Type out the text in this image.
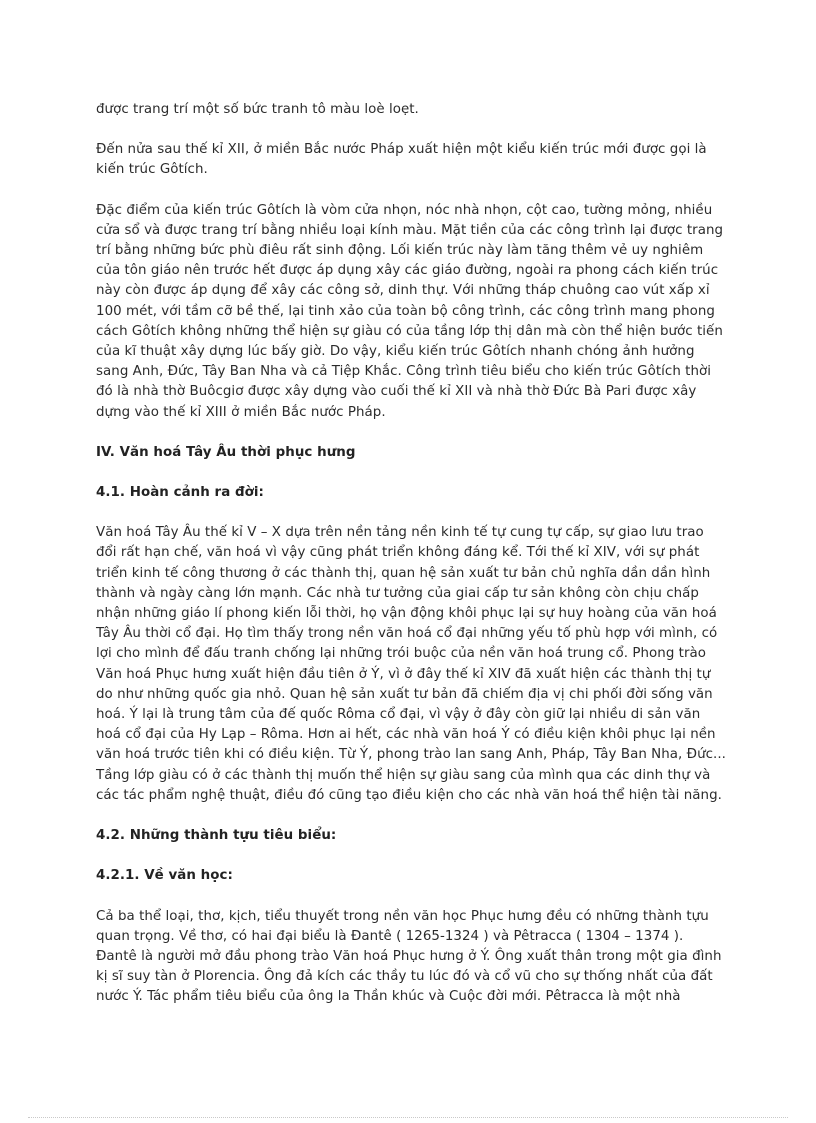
được trang trí một số bức tranh tô màu loè loẹt.

Đến nửa sau thế kỉ XII, ở miền Bắc nước Pháp xuất hiện một kiểu kiến trúc mới được gọi là kiến trúc Gôtích.

Đặc điểm của kiến trúc Gôtích là vòm cửa nhọn, nóc nhà nhọn, cột cao, tường mỏng, nhiều cửa sổ và được trang trí bằng nhiều loại kính màu. Mặt tiền của các công trình lại được trang trí bằng những bức phù điêu rất sinh động. Lối kiến trúc này làm tăng thêm vẻ uy nghiêm của tôn giáo nên trước hết được áp dụng xây các giáo đường, ngoài ra phong cách kiến trúc này còn được áp dụng để xây các công sở, dinh thự. Với những tháp chuông cao vút xấp xỉ 100 mét, với tầm cỡ bề thế, lại tinh xảo của toàn bộ công trình, các công trình mang phong cách Gôtích không những thể hiện sự giàu có của tầng lớp thị dân mà còn thể hiện bước tiến của kĩ thuật xây dựng lúc bấy giờ. Do vậy, kiểu kiến trúc Gôtích nhanh chóng ảnh hưởng sang Anh, Đức, Tây Ban Nha và cả Tiệp Khắc. Công trình tiêu biểu cho kiến trúc Gôtích thời đó là nhà thờ Buôcgiơ được xây dựng vào cuối thế kỉ XII và nhà thờ Đức Bà Pari được xây dựng vào thế kỉ XIII ở miền Bắc nước Pháp.

IV. Văn hoá Tây Âu thời phục hưng
4.1. Hoàn cảnh ra đời:

Văn hoá Tây Âu thế kỉ V – X dựa trên nền tảng nền kinh tế tự cung tự cấp, sự giao lưu trao đổi rất hạn chế, văn hoá vì vậy cũng phát triển không đáng kể. Tới thế kỉ XIV, với sự phát triển kinh tế công thương ở các thành thị, quan hệ sản xuất tư bản chủ nghĩa dần dần hình thành và ngày càng lớn mạnh. Các nhà tư tưởng của giai cấp tư sản không còn chịu chấp nhận những giáo lí phong kiến lỗi thời, họ vận động khôi phục lại sự huy hoàng của văn hoá Tây Âu thời cổ đại. Họ tìm thấy trong nền văn hoá cổ đại những yếu tố phù hợp với mình, có lợi cho mình để đấu tranh chống lại những trói buộc của nền văn hoá trung cổ. Phong trào Văn hoá Phục hưng xuất hiện đầu tiên ở Ý, vì ở đây thế kỉ XIV đã xuất hiện các thành thị tự do như những quốc gia nhỏ. Quan hệ sản xuất tư bản đã chiếm địa vị chi phối đời sống văn hoá. Ý lại là trung tâm của đế quốc Rôma cổ đại, vì vậy ở đây còn giữ lại nhiều di sản văn hoá cổ đại của Hy Lạp – Rôma. Hơn ai hết, các nhà văn hoá Ý có điều kiện khôi phục lại nền văn hoá trước tiên khi có điều kiện. Từ Ý, phong trào lan sang Anh, Pháp, Tây Ban Nha, Đức... Tầng lớp giàu có ở các thành thị muốn thể hiện sự giàu sang của mình qua các dinh thự và các tác phẩm nghệ thuật, điều đó cũng tạo điều kiện cho các nhà văn hoá thể hiện tài năng.

4.2. Những thành tựu tiêu biểu:
4.2.1. Về văn học:

Cả ba thể loại, thơ, kịch, tiểu thuyết trong nền văn học Phục hưng đều có những thành tựu quan trọng. Về thơ, có hai đại biểu là Đantê ( 1265-1324 ) và Pêtracca ( 1304 – 1374 ). Đantê là người mở đầu phong trào Văn hoá Phục hưng ở Ý. Ông xuất thân trong một gia đình kị sĩ suy tàn ở Plorencia. Ông đả kích các thầy tu lúc đó và cổ vũ cho sự thống nhất của đất nước Ý. Tác phẩm tiêu biểu của ông la Thần khúc và Cuộc đời mới. Pêtracca là một nhà
